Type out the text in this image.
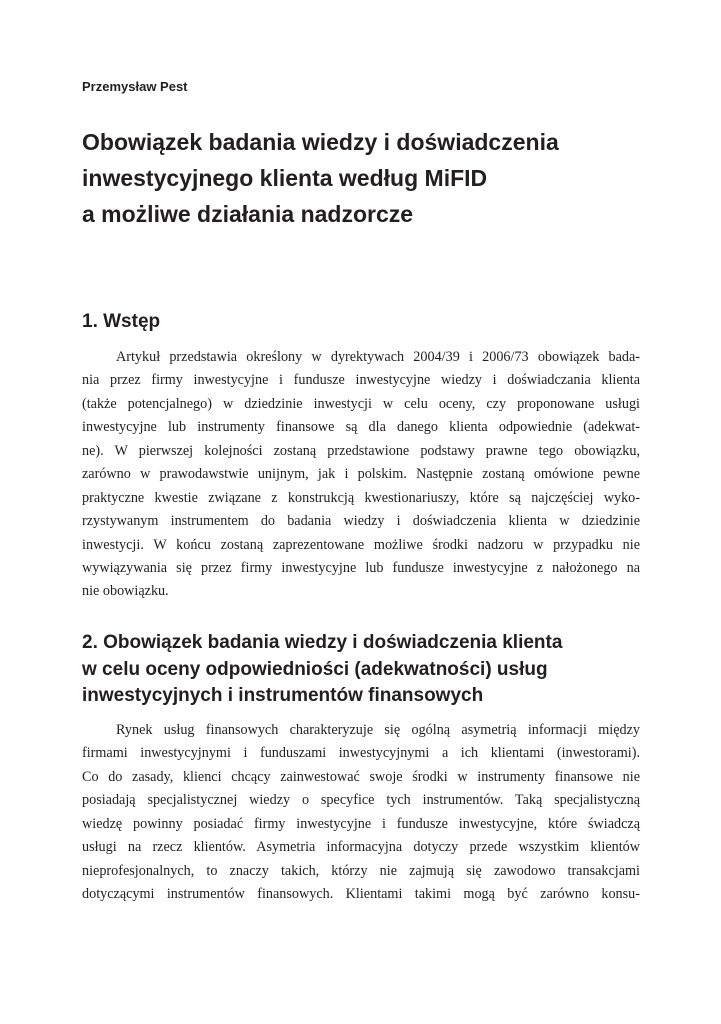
Przemysław Pest
Obowiązek badania wiedzy i doświadczenia
inwestycyjnego klienta według MiFID
a możliwe działania nadzorcze
1. Wstęp
Artykuł przedstawia określony w dyrektywach 2004/39 i 2006/73 obowiązek bada-
nia przez firmy inwestycyjne i fundusze inwestycyjne wiedzy i doświadczania klienta
(także potencjalnego) w dziedzinie inwestycji w celu oceny, czy proponowane usługi
inwestycyjne lub instrumenty finansowe są dla danego klienta odpowiednie (adekwat-
ne). W pierwszej kolejności zostaną przedstawione podstawy prawne tego obowiązku,
zarówno w prawodawstwie unijnym, jak i polskim. Następnie zostaną omówione pewne
praktyczne kwestie związane z konstrukcją kwestionariuszy, które są najczęściej wyko-
rzystywanym instrumentem do badania wiedzy i doświadczenia klienta w dziedzinie
inwestycji. W końcu zostaną zaprezentowane możliwe środki nadzoru w przypadku nie
wywiązywania się przez firmy inwestycyjne lub fundusze inwestycyjne z nałożonego na
nie obowiązku.
2. Obowiązek badania wiedzy i doświadczenia klienta
w celu oceny odpowiedniości (adekwatności) usług
inwestycyjnych i instrumentów finansowych
Rynek usług finansowych charakteryzuje się ogólną asymetrią informacji między
firmami inwestycyjnymi i funduszami inwestycyjnymi a ich klientami (inwestorami).
Co do zasady, klienci chcący zainwestować swoje środki w instrumenty finansowe nie
posiadają specjalistycznej wiedzy o specyfice tych instrumentów. Taką specjalistyczną
wiedzę powinny posiadać firmy inwestycyjne i fundusze inwestycyjne, które świadczą
usługi na rzecz klientów. Asymetria informacyjna dotyczy przede wszystkim klientów
nieprofesjonalnych, to znaczy takich, którzy nie zajmują się zawodowo transakcjami
dotyczącymi instrumentów finansowych. Klientami takimi mogą być zarówno konsu-
